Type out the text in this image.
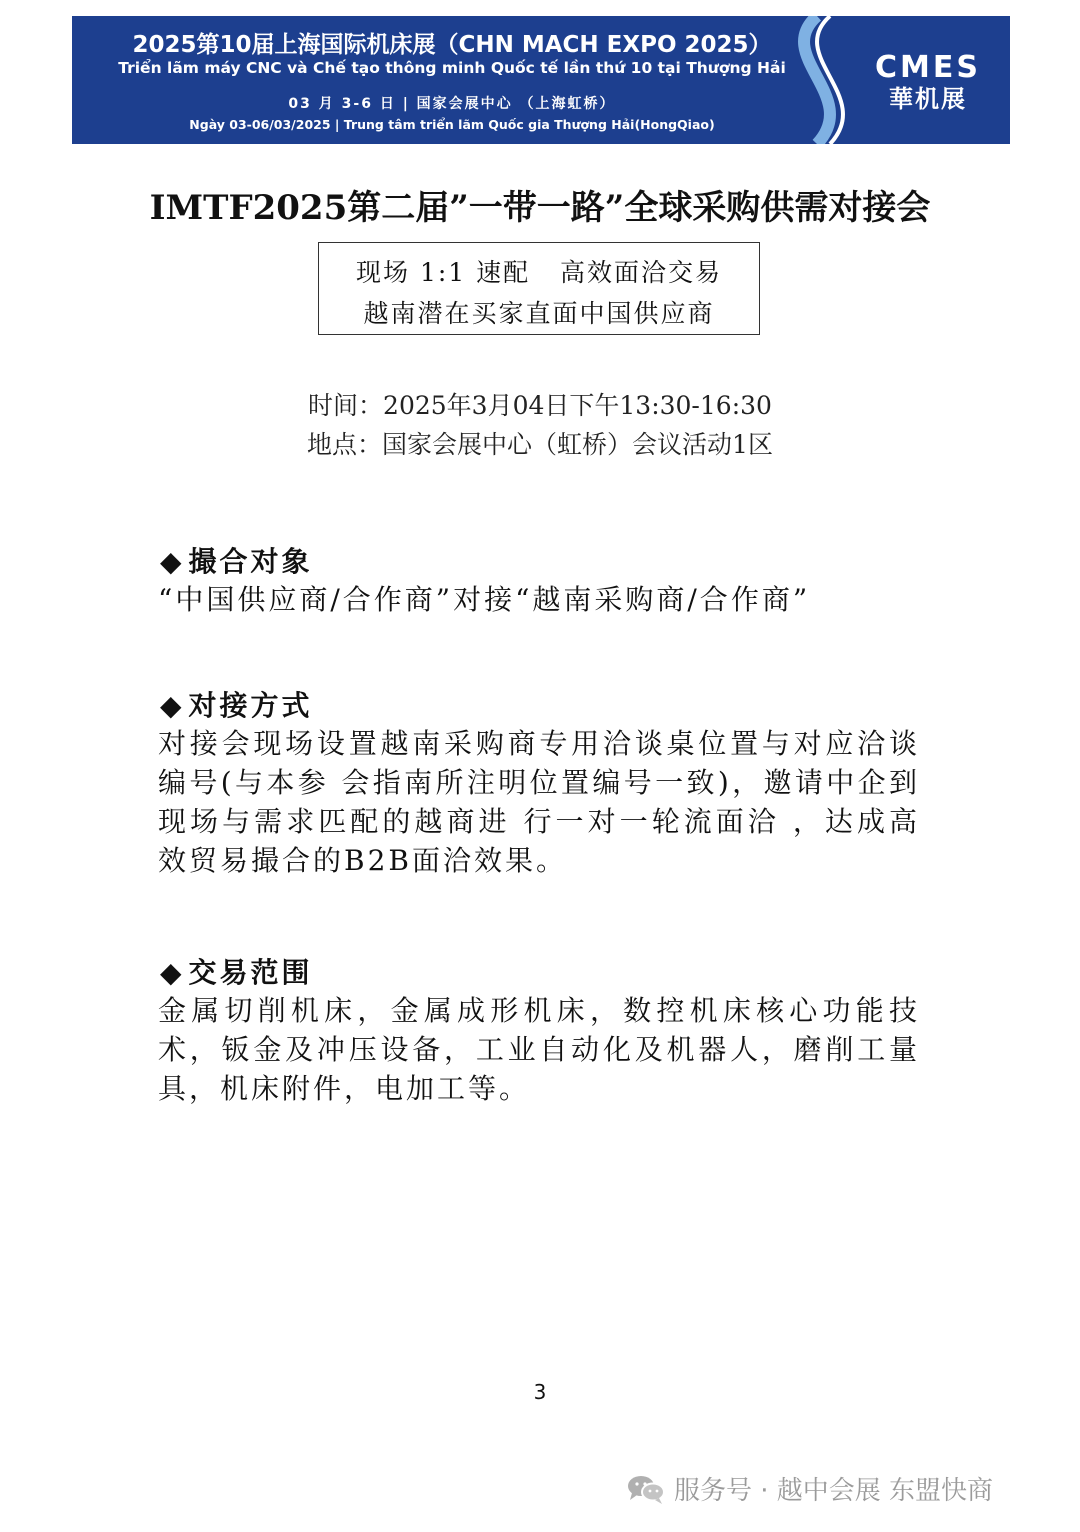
2025第10届上海国际机床展（CHN MACH EXPO 2025）
Triển lãm máy CNC và Chế tạo thông minh Quốc tế lần thứ 10 tại Thượng Hải
03 月 3-6 日 | 国家会展中心 （上海虹桥）
Ngày 03-06/03/2025 | Trung tâm triển lãm Quốc gia Thượng Hải(HongQiao)
CMES
華机展
IMTF2025第二届”一带一路”全球采购供需对接会
现场 1:1 速配   高效面洽交易
越南潜在买家直面中国供应商
时间：2025年3月04日下午13:30-16:30
地点：国家会展中心（虹桥）会议活动1区
◆ 撮合对象
“中国供应商/合作商”对接“越南采购商/合作商”
◆ 对接方式
对接会现场设置越南采购商专用洽谈桌位置与对应洽谈编号(与本参 会指南所注明位置编号一致)，邀请中企到现场与需求匹配的越商进 行一对一轮流面洽 ，达成高效贸易撮合的B2B面洽效果。
◆ 交易范围
金属切削机床，金属成形机床，数控机床核心功能技术，钣金及冲压设备，工业自动化及机器人，磨削工量具，机床附件，电加工等。
3
服务号 · 越中会展 东盟快商
